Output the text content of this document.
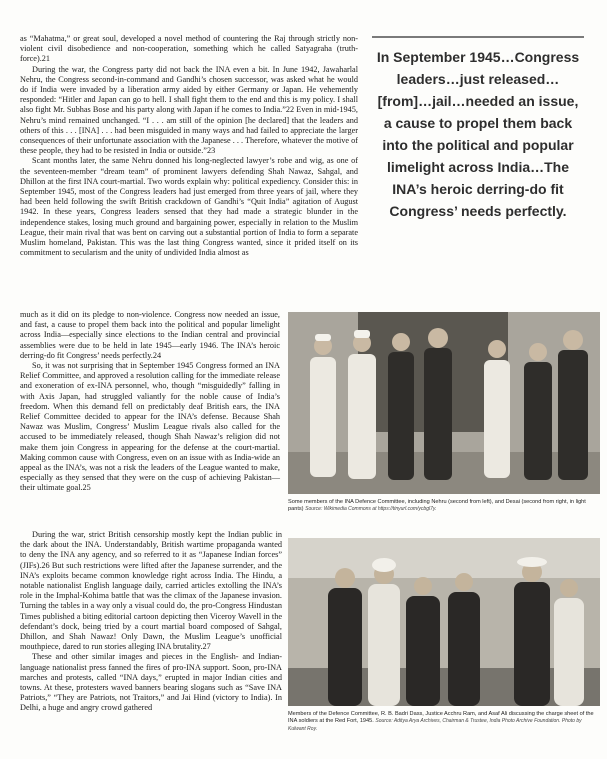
as “Mahatma,” or great soul, developed a novel method of countering the Raj through strictly non-violent civil disobedience and non-cooperation, something which he called Satyagraha (truth-force).21

During the war, the Congress party did not back the INA even a bit. In June 1942, Jawaharlal Nehru, the Congress second-in-command and Gandhi’s chosen successor, was asked what he would do if India were invaded by a liberation army aided by either Germany or Japan. He vehemently responded: “Hitler and Japan can go to hell. I shall fight them to the end and this is my policy. I shall also fight Mr. Subhas Bose and his party along with Japan if he comes to India.”22 Even in mid-1945, Nehru’s mind remained unchanged. “I . . . am still of the opinion [he declared] that the leaders and others of this . . . [INA] . . . had been misguided in many ways and had failed to appreciate the larger consequences of their unfortunate association with the Japanese . . . Therefore, whatever the motive of these people, they had to be resisted in India or outside.”23

Scant months later, the same Nehru donned his long-neglected lawyer’s robe and wig, as one of the seventeen-member “dream team” of prominent lawyers defending Shah Nawaz, Sahgal, and Dhillon at the first INA court-martial. Two words explain why: political expediency. Consider this: in September 1945, most of the Congress leaders had just emerged from three years of jail, where they had been held following the swift British crackdown of Gandhi’s “Quit India” agitation of August 1942. In these years, Congress leaders sensed that they had made a strategic blunder in the independence stakes, losing much ground and bargaining power, especially in relation to the Muslim League, their main rival that was bent on carving out a substantial portion of India to form a separate Muslim homeland, Pakistan. This was the last thing Congress wanted, since it prided itself on its commitment to secularism and the unity of undivided India almost as

In September 1945…Congress leaders…just released…[from]…jail…needed an issue, a cause to propel them back into the political and popular limelight across India…The INA’s heroic derring-do fit Congress’ needs perfectly.

much as it did on its pledge to non-violence. Congress now needed an issue, and fast, a cause to propel them back into the political and popular limelight across India—especially since elections to the Indian central and provincial assemblies were due to be held in late 1945—early 1946. The INA’s heroic derring-do fit Congress’ needs perfectly.24

So, it was not surprising that in September 1945 Congress formed an INA Relief Committee, and approved a resolution calling for the immediate release and exoneration of ex-INA personnel, who, though “misguidedly” falling in with Axis Japan, had struggled valiantly for the noble cause of India’s freedom. When this demand fell on predictably deaf British ears, the INA Relief Committee decided to appear for the INA’s defense. Because Shah Nawaz was Muslim, Congress’ Muslim League rivals also called for the accused to be immediately released, though Shah Nawaz’s religion did not make them join Congress in appearing for the defense at the court-martial. Making common cause with Congress, even on an issue with as India-wide an appeal as the INA’s, was not a risk the leaders of the League wanted to make, especially as they sensed that they were on the cusp of achieving Pakistan—their ultimate goal.25

Some members of the INA Defence Committee, including Nehru (second from left), and Desai (second from right, in light pants) Source: Wikimedia Commons at https://tinyurl.com/ycbgl7y.

During the war, strict British censorship mostly kept the Indian public in the dark about the INA. Understandably, British wartime propaganda wanted to deny the INA any agency, and so referred to it as “Japanese Indian forces” (JIFs).26 But such restrictions were lifted after the Japanese surrender, and the INA’s exploits became common knowledge right across India. The Hindu, a notable nationalist English language daily, carried articles extolling the INA’s role in the Imphal-Kohima battle that was the climax of the Japanese invasion. Turning the tables in a way only a visual could do, the pro-Congress Hindustan Times published a biting editorial cartoon depicting then Viceroy Wavell in the defendant’s dock, being tried by a court martial board composed of Sahgal, Dhillon, and Shah Nawaz! Only Dawn, the Muslim League’s unofficial mouthpiece, dared to run stories alleging INA brutality.27

These and other similar images and pieces in the English- and Indian-language nationalist press fanned the fires of pro-INA support. Soon, pro-INA marches and protests, called “INA days,” erupted in major Indian cities and towns. At these, protesters waved banners bearing slogans such as “Save INA Patriots,” “They are Patriots, not Traitors,” and Jai Hind (victory to India). In Delhi, a huge and angry crowd gathered

Members of the Defence Committee, R. B. Badri Dass, Justice Acchru Ram, and Asaf Ali discussing the charge sheet of the INA soldiers at the Red Fort, 1945. Source: Aditya Arya Archives, Chairman & Trustee, India Photo Archive Foundation. Photo by Kulwant Roy.
